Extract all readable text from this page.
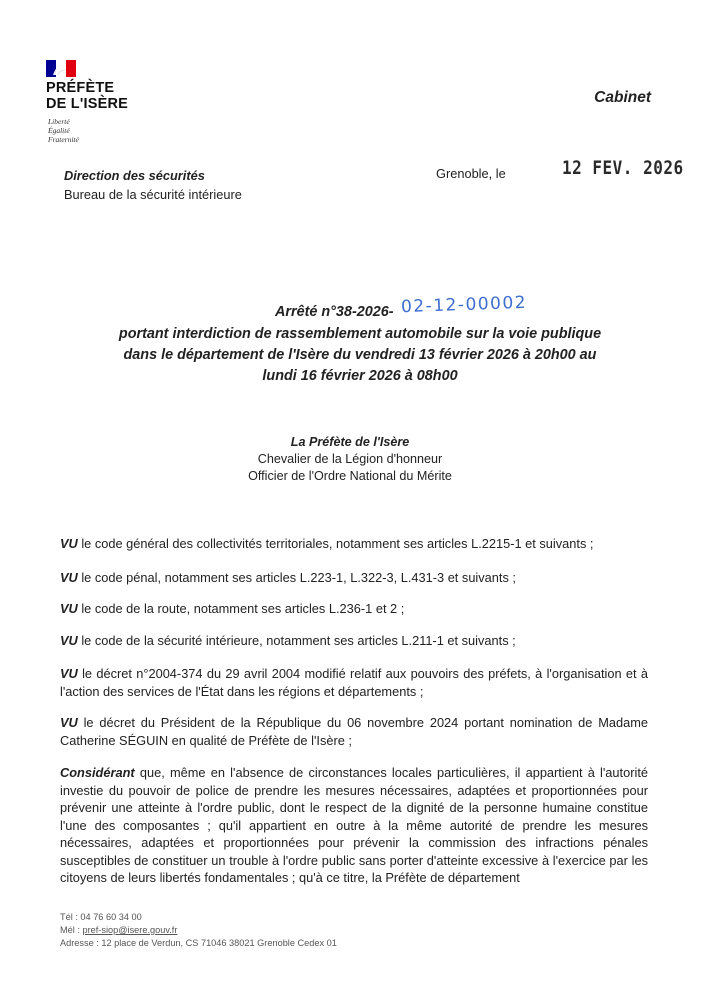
PRÉFÈTE
DE L'ISÈRE
Liberté
Égalité
Fraternité
Cabinet
Direction des sécurités
Bureau de la sécurité intérieure
Grenoble, le	12 FEV. 2026
Arrêté n°38-2026- 02-12-00002
portant interdiction de rassemblement automobile sur la voie publique
dans le département de l'Isère du vendredi 13 février 2026 à 20h00 au
lundi 16 février 2026 à 08h00
La Préfète de l'Isère
Chevalier de la Légion d'honneur
Officier de l'Ordre National du Mérite
VU le code général des collectivités territoriales, notamment ses articles L.2215-1 et suivants ;
VU le code pénal, notamment ses articles L.223-1, L.322-3, L.431-3 et suivants ;
VU le code de la route, notamment ses articles L.236-1 et 2 ;
VU le code de la sécurité intérieure, notamment ses articles L.211-1 et suivants ;
VU le décret n°2004-374 du 29 avril 2004 modifié relatif aux pouvoirs des préfets, à l'organisation et à l'action des services de l'État dans les régions et départements ;
VU le décret du Président de la République du 06 novembre 2024 portant nomination de Madame Catherine SÉGUIN en qualité de Préfète de l'Isère ;
Considérant que, même en l'absence de circonstances locales particulières, il appartient à l'autorité investie du pouvoir de police de prendre les mesures nécessaires, adaptées et proportionnées pour prévenir une atteinte à l'ordre public, dont le respect de la dignité de la personne humaine constitue l'une des composantes ; qu'il appartient en outre à la même autorité de prendre les mesures nécessaires, adaptées et proportionnées pour prévenir la commission des infractions pénales susceptibles de constituer un trouble à l'ordre public sans porter d'atteinte excessive à l'exercice par les citoyens de leurs libertés fondamentales ; qu'à ce titre, la Préfète de département
Tél : 04 76 60 34 00
Mél : pref-siop@isere.gouv.fr
Adresse : 12 place de Verdun, CS 71046 38021 Grenoble Cedex 01
